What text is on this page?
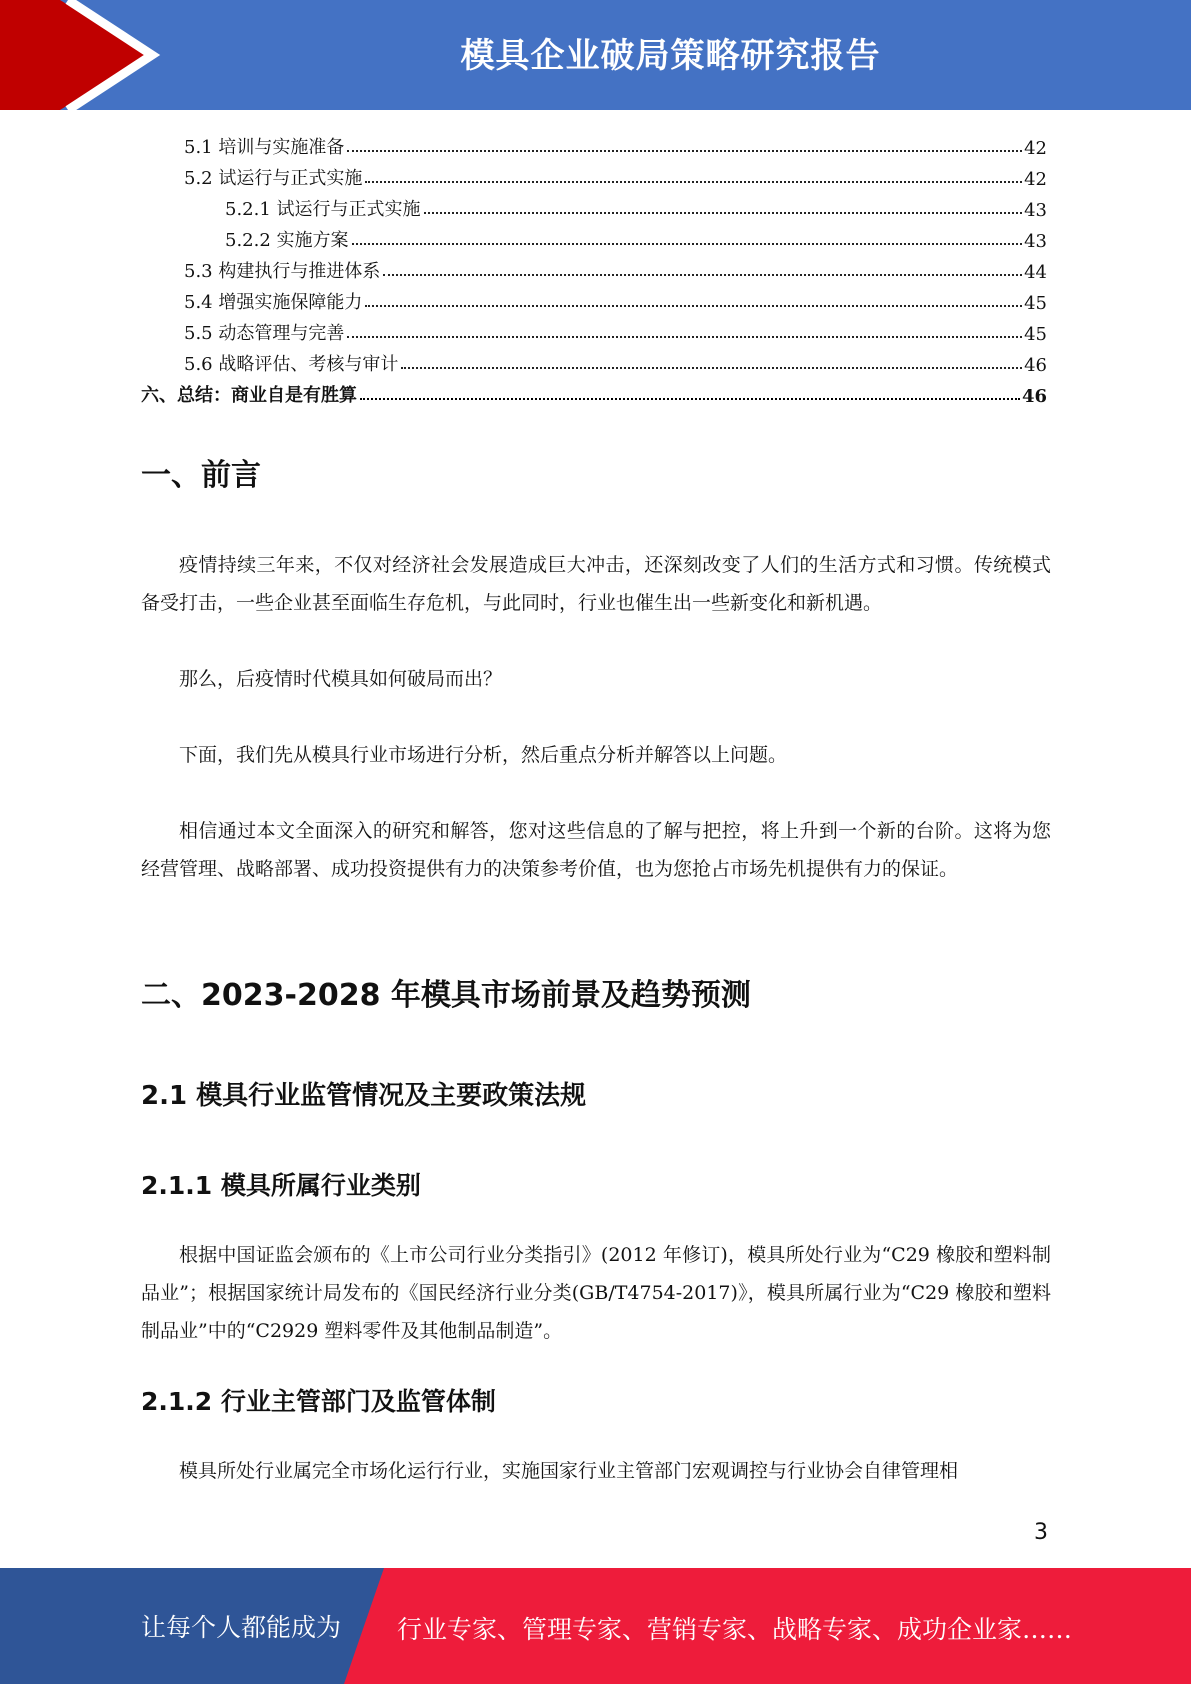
模具企业破局策略研究报告
5.1 培训与实施准备	42
5.2 试运行与正式实施	42
5.2.1 试运行与正式实施	43
5.2.2 实施方案	43
5.3 构建执行与推进体系	44
5.4 增强实施保障能力	45
5.5 动态管理与完善	45
5.6 战略评估、考核与审计	46
六、总结：商业自是有胜算	46
一、前言

疫情持续三年来，不仅对经济社会发展造成巨大冲击，还深刻改变了人们的生活方式和习惯。传统模式备受打击，一些企业甚至面临生存危机，与此同时，行业也催生出一些新变化和新机遇。

那么，后疫情时代模具如何破局而出？

下面，我们先从模具行业市场进行分析，然后重点分析并解答以上问题。

相信通过本文全面深入的研究和解答，您对这些信息的了解与把控，将上升到一个新的台阶。这将为您经营管理、战略部署、成功投资提供有力的决策参考价值，也为您抢占市场先机提供有力的保证。

二、2023-2028 年模具市场前景及趋势预测
2.1 模具行业监管情况及主要政策法规
2.1.1 模具所属行业类别

根据中国证监会颁布的《上市公司行业分类指引》(2012 年修订)，模具所处行业为“C29 橡胶和塑料制品业”；根据国家统计局发布的《国民经济行业分类(GB/T4754-2017)》，模具所属行业为“C29 橡胶和塑料制品业”中的“C2929 塑料零件及其他制品制造”。

2.1.2 行业主管部门及监管体制

模具所处行业属完全市场化运行行业，实施国家行业主管部门宏观调控与行业协会自律管理相

3
让每个人都能成为 行业专家、管理专家、营销专家、战略专家、成功企业家……
